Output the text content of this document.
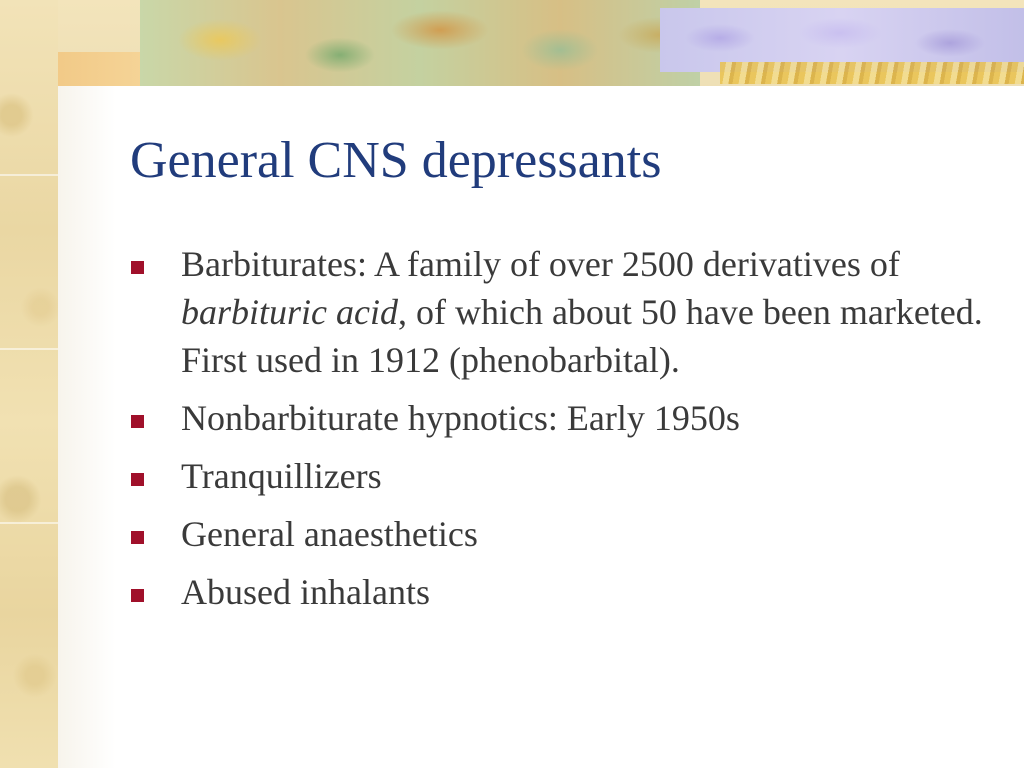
General CNS depressants
Barbiturates: A family of over 2500 derivatives of barbituric acid, of which about 50 have been marketed. First used in 1912 (phenobarbital).
Nonbarbiturate hypnotics: Early 1950s
Tranquillizers
General anaesthetics
Abused inhalants
